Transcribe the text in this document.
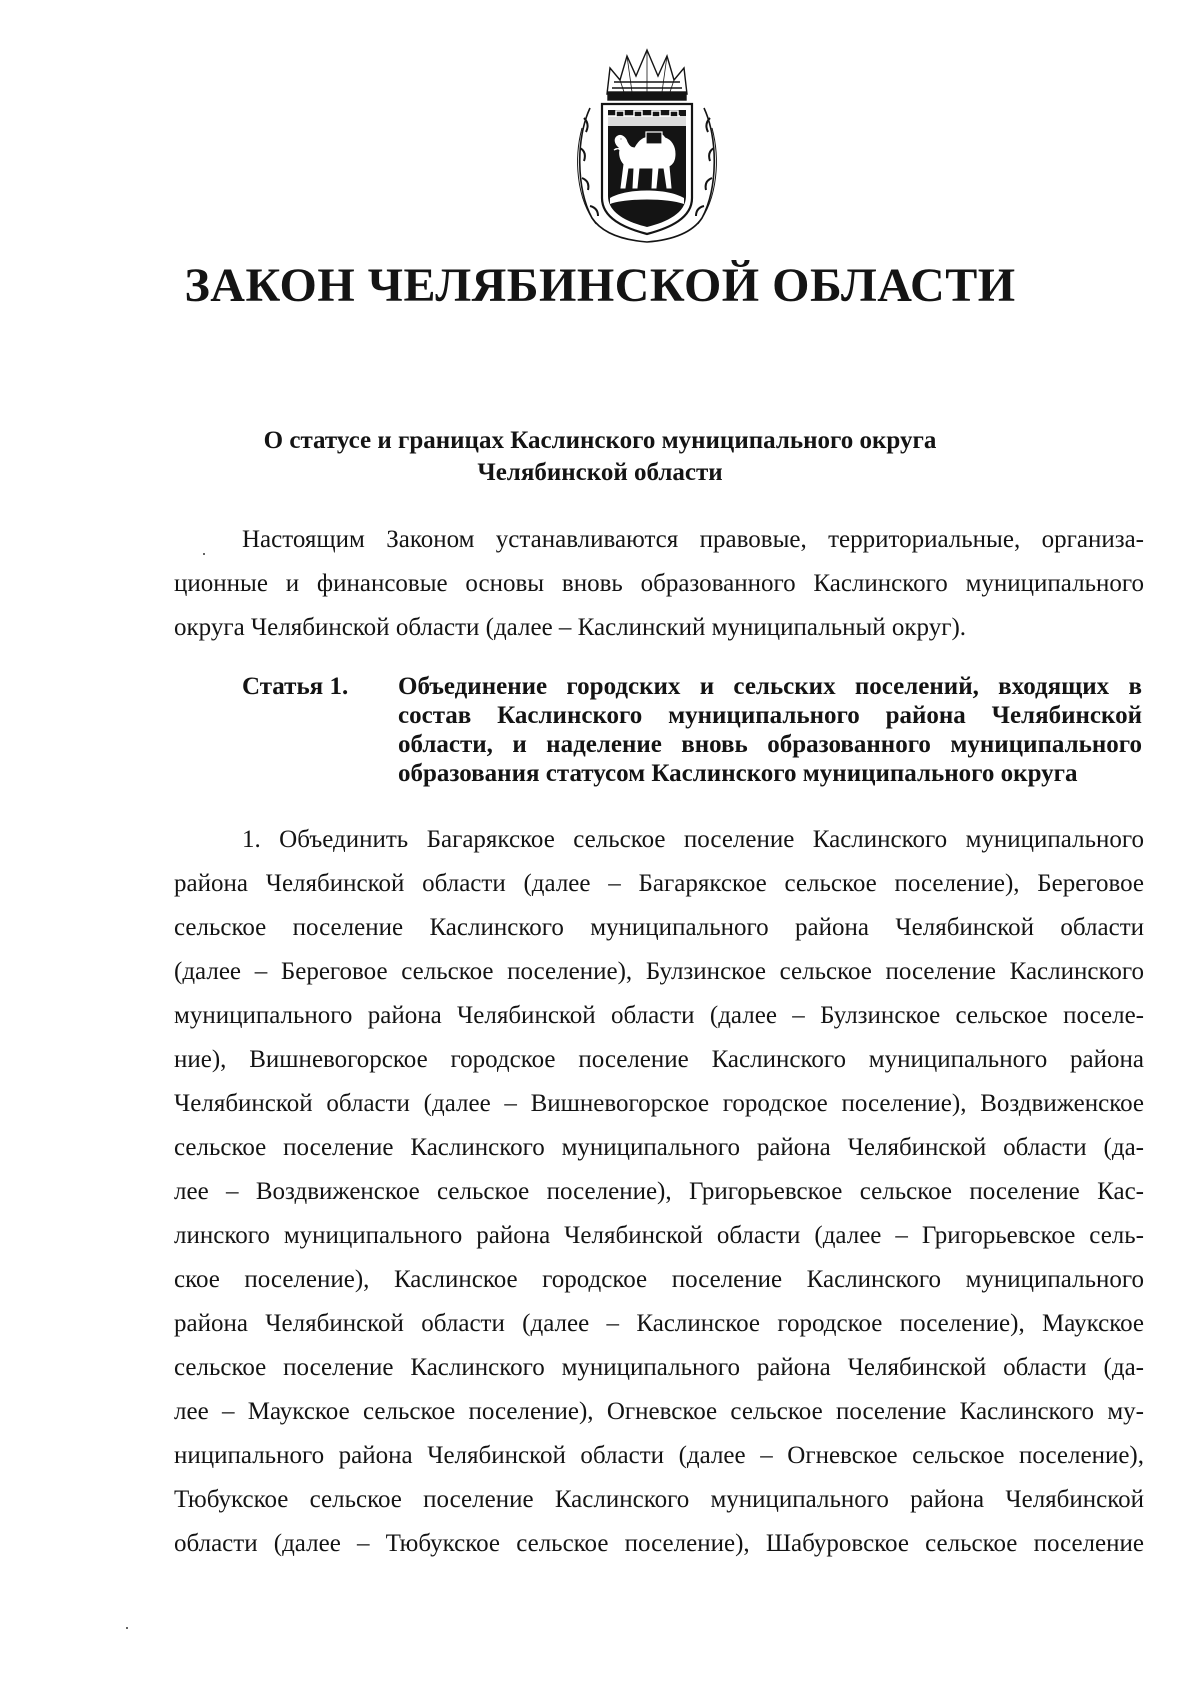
ЗАКОН ЧЕЛЯБИНСКОЙ ОБЛАСТИ
О статусе и границах Каслинского муниципального округа
Челябинской области
Настоящим Законом устанавливаются правовые, территориальные, организа-
ционные и финансовые основы вновь образованного Каслинского муниципального
округа Челябинской области (далее – Каслинский муниципальный округ).
Статья 1. Объединение городских и сельских поселений, входящих в
состав Каслинского муниципального района Челябинской
области, и наделение вновь образованного муниципального
образования статусом Каслинского муниципального округа
1. Объединить Багарякское сельское поселение Каслинского муниципального
района Челябинской области (далее – Багарякское сельское поселение), Береговое
сельское поселение Каслинского муниципального района Челябинской области
(далее – Береговое сельское поселение), Булзинское сельское поселение Каслинского
муниципального района Челябинской области (далее – Булзинское сельское поселе-
ние), Вишневогорское городское поселение Каслинского муниципального района
Челябинской области (далее – Вишневогорское городское поселение), Воздвиженское
сельское поселение Каслинского муниципального района Челябинской области (да-
лее – Воздвиженское сельское поселение), Григорьевское сельское поселение Кас-
линского муниципального района Челябинской области (далее – Григорьевское сель-
ское поселение), Каслинское городское поселение Каслинского муниципального
района Челябинской области (далее – Каслинское городское поселение), Маукское
сельское поселение Каслинского муниципального района Челябинской области (да-
лее – Маукское сельское поселение), Огневское сельское поселение Каслинского му-
ниципального района Челябинской области (далее – Огневское сельское поселение),
Тюбукское сельское поселение Каслинского муниципального района Челябинской
области (далее – Тюбукское сельское поселение), Шабуровское сельское поселение
